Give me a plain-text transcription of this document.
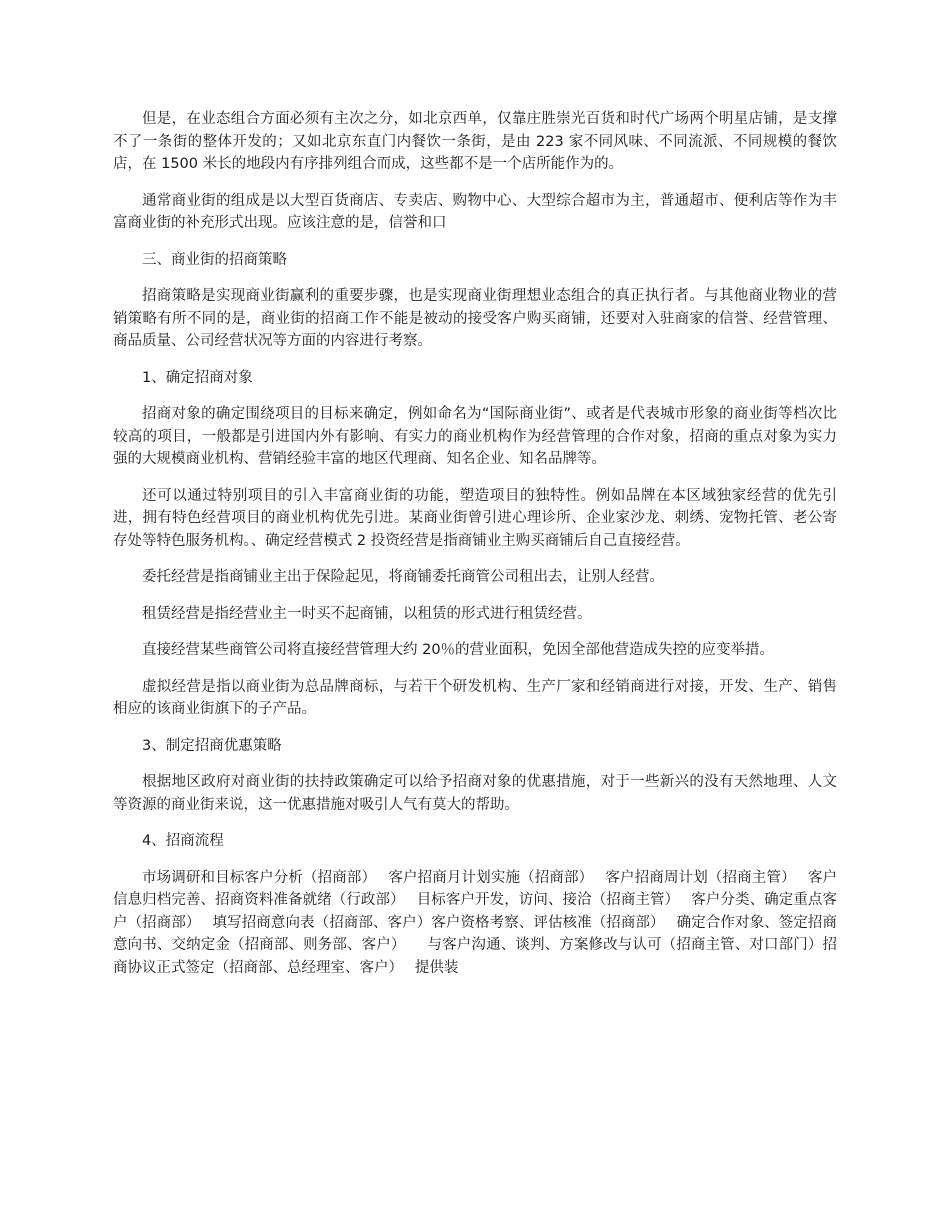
但是，在业态组合方面必须有主次之分，如北京西单，仅靠庄胜崇光百货和时代广场两个明星店铺，是支撑不了一条街的整体开发的；又如北京东直门内餐饮一条街，是由 223 家不同风味、不同流派、不同规模的餐饮店，在 1500 米长的地段内有序排列组合而成，这些都不是一个店所能作为的。

通常商业街的组成是以大型百货商店、专卖店、购物中心、大型综合超市为主，普通超市、便利店等作为丰富商业街的补充形式出现。应该注意的是，信誉和口

三、商业街的招商策略

招商策略是实现商业街赢利的重要步骤，也是实现商业街理想业态组合的真正执行者。与其他商业物业的营销策略有所不同的是，商业街的招商工作不能是被动的接受客户购买商铺，还要对入驻商家的信誉、经营管理、商品质量、公司经营状况等方面的内容进行考察。

1、确定招商对象

招商对象的确定围绕项目的目标来确定，例如命名为“国际商业街”、或者是代表城市形象的商业街等档次比较高的项目，一般都是引进国内外有影响、有实力的商业机构作为经营管理的合作对象，招商的重点对象为实力强的大规模商业机构、营销经验丰富的地区代理商、知名企业、知名品牌等。

还可以通过特别项目的引入丰富商业街的功能，塑造项目的独特性。例如品牌在本区域独家经营的优先引进，拥有特色经营项目的商业机构优先引进。某商业街曾引进心理诊所、企业家沙龙、刺绣、宠物托管、老公寄存处等特色服务机构。、确定经营模式 2 投资经营是指商铺业主购买商铺后自己直接经营。

委托经营是指商铺业主出于保险起见，将商铺委托商管公司租出去，让别人经营。

租赁经营是指经营业主一时买不起商铺，以租赁的形式进行租赁经营。

直接经营某些商管公司将直接经营管理大约 20％的营业面积，免因全部他营造成失控的应变举措。

虚拟经营是指以商业街为总品牌商标，与若干个研发机构、生产厂家和经销商进行对接，开发、生产、销售相应的该商业街旗下的子产品。

3、制定招商优惠策略

根据地区政府对商业街的扶持政策确定可以给予招商对象的优惠措施，对于一些新兴的没有天然地理、人文等资源的商业街来说，这一优惠措施对吸引人气有莫大的帮助。

4、招商流程

市场调研和目标客户分析（招商部）　 客户招商月计划实施（招商部）　 客户招商周计划（招商主管）　 客户信息归档完善、招商资料准备就绪（行政部）　 目标客户开发，访问、接洽（招商主管）　 客户分类、确定重点客户（招商部）　 填写招商意向表（招商部、客户）客户资格考察、评估核准（招商部）　 确定合作对象、签定招商意向书、交纳定金（招商部、则务部、客户）　　与客户沟通、谈判、方案修改与认可（招商主管、对口部门）招商协议正式签定（招商部、总经理室、客户）　 提供装
